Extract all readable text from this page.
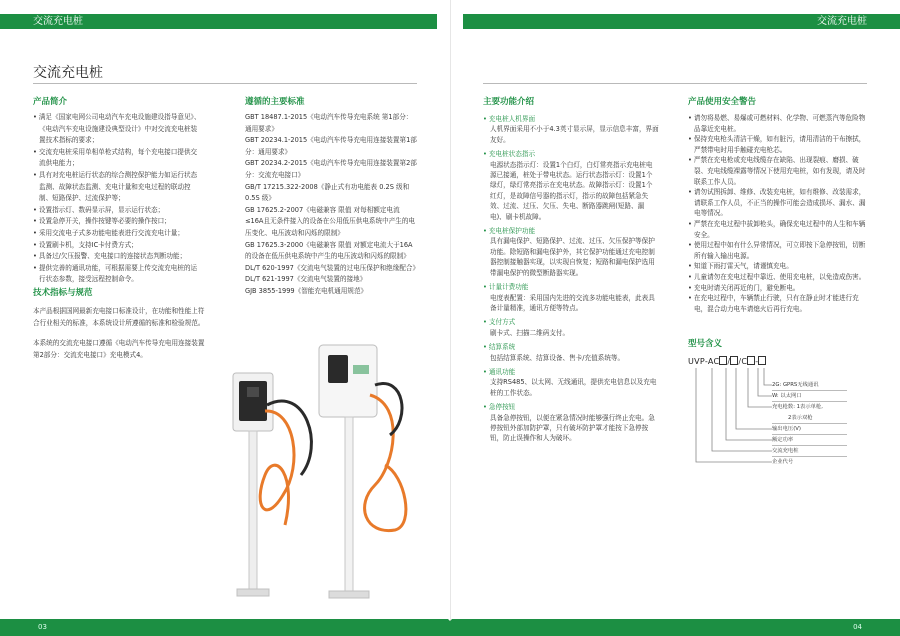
交流充电桩	交流充电桩
交流充电桩
产品简介
• 满足《国家电网公司电动汽车充电设施建设指导意见》、《电动汽车充电设施建设典型设计》中对交流充电桩装置技术指标的要求；
• 交流充电桩采用单相单枪式结构，每个充电接口提供交流供电能力；
• 具有对充电桩运行状态的综合测控保护能力如运行状态监测、故障状态监测、充电计量和充电过程的联动控制、短路保护、过流保护等；
• 设置指示灯、数码显示屏，显示运行状态；
• 设置急停开关，操作按键等必要的操作按口；
• 采用交流电子式多功能电能表进行交流充电计量；
• 设置刷卡机，支持IC卡付费方式；
• 具备过/欠压报警、充电接口的连接状态判断功能；
• 提供完善的通讯功能，可根据需要上传交流充电桩的运行状态参数，接受远程控制命令。
技术指标与规范
本产品根据国网最新充电接口标准设计，在功能和性能上符合行业相关的标准，本系统设计所遵循的标准和检验规范。
本系统的交流充电接口遵循《电动汽车传导充电用连接装置 第2部分：交流充电接口》充电模式4。
遵循的主要标准
GBT 18487.1-2015《电动汽车传导充电系统 第1部分：通用要求》
GBT 20234.1-2015《电动汽车传导充电用连接装置第1部分：通用要求》
GBT 20234.2-2015《电动汽车传导充电用连接装置第2部分：交流充电接口》
GB/T 17215.322-2008《静止式有功电能表 0.2S 级和 0.5S 级》
GB 17625.2-2007《电磁兼容 限值 对每相额定电流≤16A且无条件接入的设备在公用低压供电系统中产生的电压变化、电压波动和闪烁的限制》
GB 17625.3-2000《电磁兼容 限值 对额定电流大于16A的设备在低压供电系统中产生的电压波动和闪烁的限制》
DL/T 620-1997《交流电气装置的过电压保护和绝缘配合》
DL/T 621-1997《交流电气装置的接地》
GJB 3855-1999《智能充电机通用规范》
主要功能介绍
• 充电桩人机界面
人机界面采用不小于4.3英寸显示屏，显示信息丰富，界面友好。
• 充电桩状态指示
电源状态指示灯：设置1个白灯，白灯常亮指示充电桩电源已接通，桩处于带电状态。运行状态指示灯：设置1个绿灯，绿灯常亮指示在充电状态。故障指示灯：设置1个红灯，是故障信号器的指示灯，指示的故障包括紧急失效、过流、过压、欠压、失电、断路器跳闸(短路、漏电)、刷卡机故障。
• 充电桩保护功能
具有漏电保护、短路保护、过流、过压、欠压保护等保护功能。除短路和漏电保护外，其它保护功能通过充电控制器控制接触器实现，以实现自恢复；短路和漏电保护选用带漏电保护的微型断路器实现。
• 计量计费功能
电度表配置：采用国内先进的交流多功能电能表，此表具备计量精准，通讯方便等特点。
• 支付方式
刷卡式、扫描二维码支付。
• 结算系统
包括结算系统、结算设备、售卡/充值系统等。
• 通讯功能
支持RS485、以太网、无线通讯，提供充电信息以及充电桩的工作状态。
• 急停按钮
具备急停按钮，以便在紧急情况时能够强行终止充电。急停按钮外部加防护罩，只有破坏防护罩才能按下急停按钮，防止误操作和人为破坏。
产品使用安全警告
• 请勿将易燃、易爆或可燃材料、化学物、可燃蒸汽等危险物品靠近充电桩。
• 保持充电枪头清洁干燥，如有脏污，请用清洁的干布擦拭，严禁带电时用手触碰充电枪芯。
• 严禁在充电枪或充电线缆存在缺陷、出现裂痕、磨损、破裂、充电线缆裸露等情况下使用充电桩，如有发现，请及时联系工作人员。
• 请勿试图拆卸、维修、改装充电桩，如有维修、改装需求，请联系工作人员，不正当的操作可能会造成损坏、漏水、漏电等情况。
• 严禁在充电过程中拔卸枪头，确保充电过程中的人生和车辆安全。
• 使用过程中如有什么异常情况，可立即按下急停按钮，切断所有输入输出电源。
• 知道下雨打雷天气，请谨慎充电。
• 儿童请勿在充电过程中靠近、使用充电桩，以免造成伤害。
• 充电时请关闭再近的门，避免断电。
• 在充电过程中，车辆禁止行驶，只有在静止时才能进行充电，混合动力电车请熄火后再行充电。
型号含义
UVP-AC / /C -
2G: GPRS无线通讯
W: 以太网口
充电枪数: 1表示单枪,
2表示双枪
输出电压(V)
额定功率
交流充电桩
企业代号
03	04
